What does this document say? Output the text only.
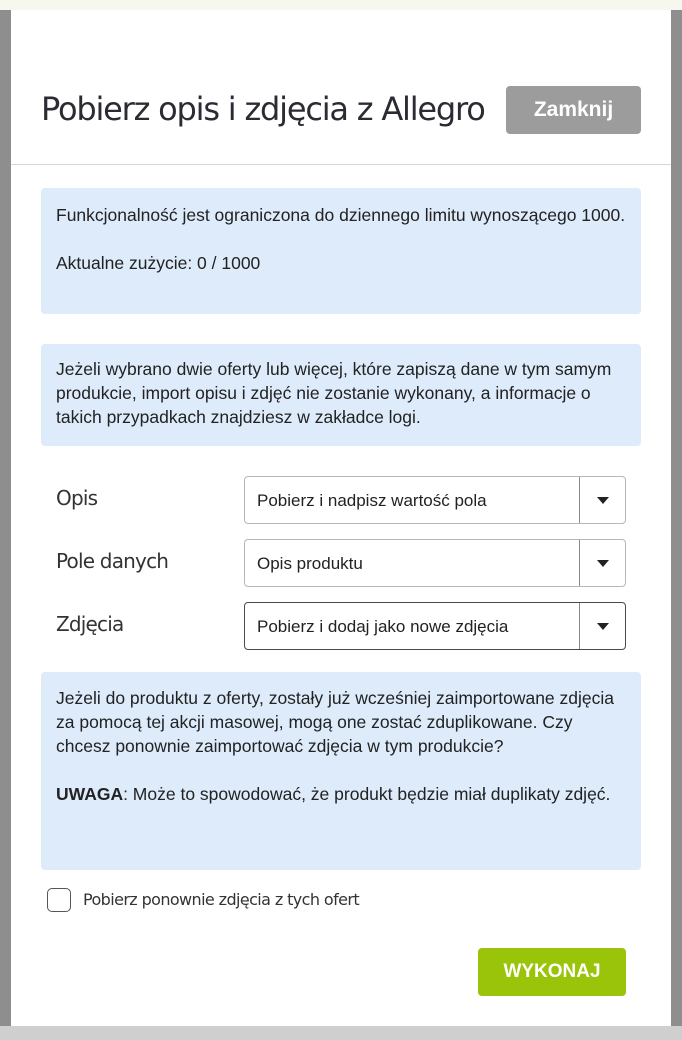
Pobierz opis i zdjęcia z Allegro	Zamknij

Funkcjonalność jest ograniczona do dziennego limitu wynoszącego 1000.

Aktualne zużycie: 0 / 1000

Jeżeli wybrano dwie oferty lub więcej, które zapiszą dane w tym samym produkcie, import opisu i zdjęć nie zostanie wykonany, a informacje o takich przypadkach znajdziesz w zakładce logi.

Opis	Pobierz i nadpisz wartość pola
Pole danych	Opis produktu
Zdjęcia	Pobierz i dodaj jako nowe zdjęcia

Jeżeli do produktu z oferty, zostały już wcześniej zaimportowane zdjęcia za pomocą tej akcji masowej, mogą one zostać zduplikowane. Czy chcesz ponownie zaimportować zdjęcia w tym produkcie?

UWAGA: Może to spowodować, że produkt będzie miał duplikaty zdjęć.

Pobierz ponownie zdjęcia z tych ofert
WYKONAJ
